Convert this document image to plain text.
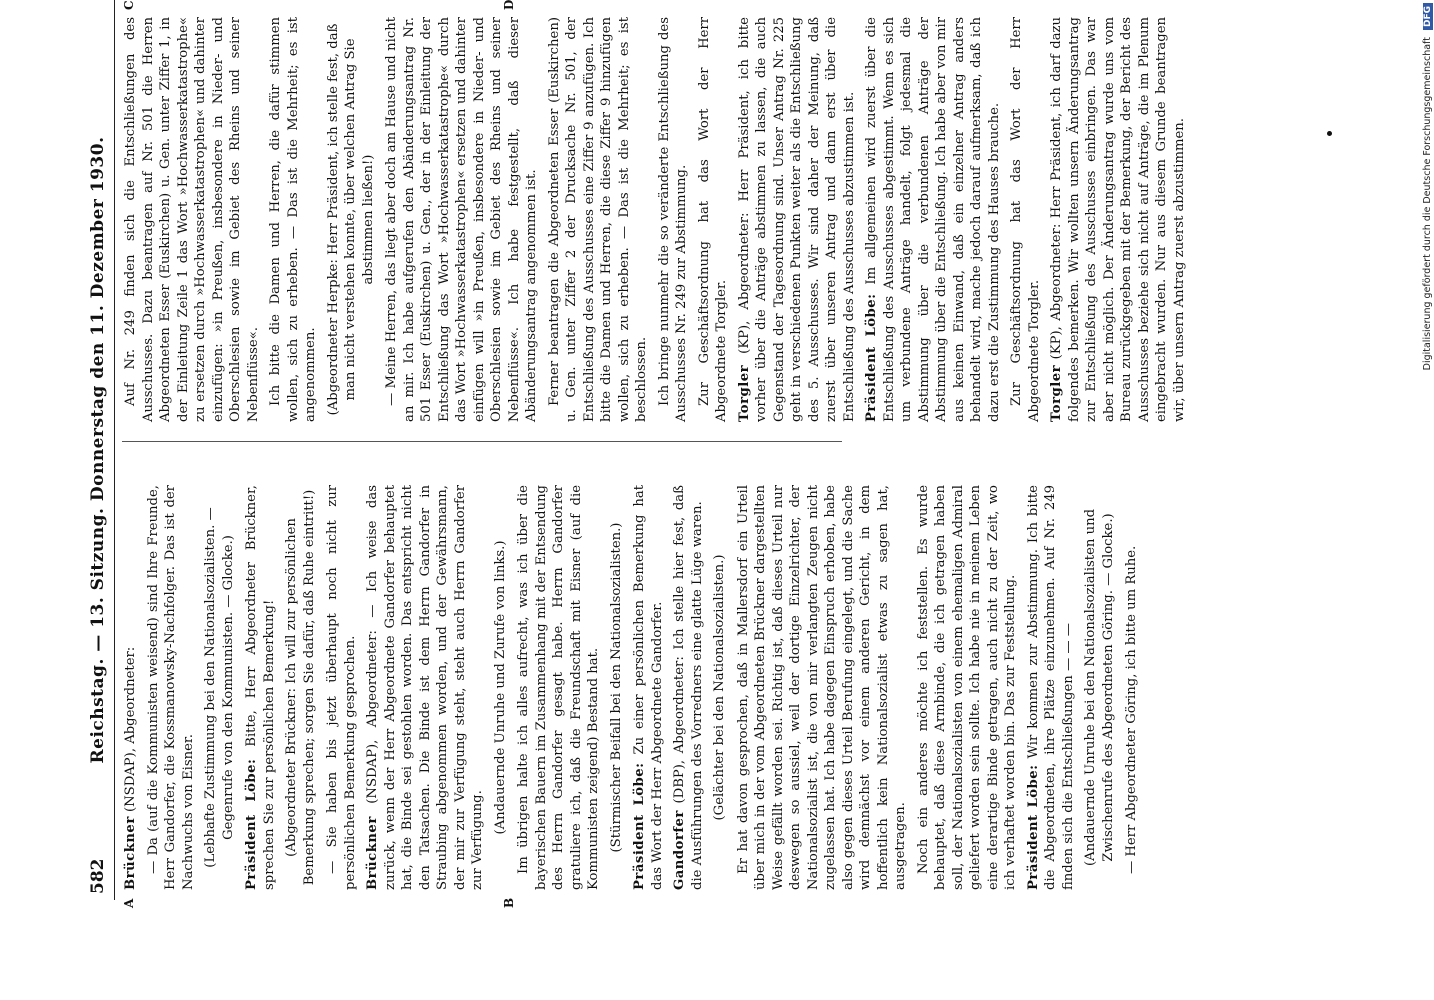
582
Reichstag. — 13. Sitzung. Donnerstag den 11. Dezember 1930.

Brückner (NSDAP), Abgeordneter: — Da (auf die Kommunisten weisend) sind Ihre Freunde, Herr Gandorfer, die Kossmanowsky-Nachfolger. Das ist der Nachwuchs von Eisner. (Lebhafte Zustimmung bei den Nationalsozialisten. — Gegenrufe von den Kommunisten. — Glocke.) Präsident Löbe: Bitte, Herr Abgeordneter Brückner, sprechen Sie zur persönlichen Bemerkung! (Abgeordneter Brückner: Ich will zur persönlichen Bemerkung sprechen; sorgen Sie dafür, daß Ruhe eintritt!) — Sie haben bis jetzt überhaupt noch nicht zur persönlichen Bemerkung gesprochen. Brückner (NSDAP), Abgeordneter: — Ich weise das zurück, wenn der Herr Abgeordnete Gandorfer behauptet hat, die Binde sei gestohlen worden. Das entspricht nicht den Tatsachen. Die Binde ist dem Herrn Gandorfer in Straubing abgenommen worden, und der Gewährsmann, der mir zur Verfügung steht, steht auch Herrn Gandorfer zur Verfügung.

(Andauernde Unruhe und Zurufe von links.) Im übrigen halte ich alles aufrecht, was ich über die bayerischen Bauern im Zusammenhang mit der Entsendung des Herrn Gandorfer gesagt habe. Herrn Gandorfer gratuliere ich, daß die Freundschaft mit Eisner (auf die Kommunisten zeigend) Bestand hat. (Stürmischer Beifall bei den Nationalsozialisten.) Präsident Löbe: Zu einer persönlichen Bemerkung hat das Wort der Herr Abgeordnete Gandorfer. Gandorfer (DBP), Abgeordneter: Ich stelle hier fest, daß die Ausführungen des Vorredners eine glatte Lüge waren. (Gelächter bei den Nationalsozialisten.) Er hat davon gesprochen, daß in Mallersdorf ein Urteil über mich in der vom Abgeordneten Brückner dargestellten Weise gefällt worden sei. Richtig ist, daß dieses Urteil nur deswegen so aussiel, weil der dortige Einzelrichter, der Nationalsozialist ist, die von mir verlangten Zeugen nicht zugelassen hat. Ich habe dagegen Einspruch erhoben, habe also gegen dieses Urteil Berufung eingelegt, und die Sache wird demnächst vor einem anderen Gericht, in dem hoffentlich kein Nationalsozialist etwas zu sagen hat, ausgetragen. Noch ein anderes möchte ich feststellen. Es wurde behauptet, daß diese Armbinde, die ich getragen haben soll, der Nationalsozialisten von einem ehemaligen Admiral geliefert worden sein sollte. Ich habe nie in meinem Leben eine derartige Binde getragen, auch nicht zu der Zeit, wo ich verhaftet worden bin. Das zur Feststellung. Präsident Löbe: Wir kommen zur Abstimmung. Ich bitte die Abgeordneten, ihre Plätze einzunehmen. Auf Nr. 249 finden sich die Entschließungen — — — (Andauernde Unruhe bei den Nationalsozialisten und Zwischenrufe des Abgeordneten Göring. — Glocke.) — Herr Abgeordneter Göring, ich bitte um Ruhe.

Auf Nr. 249 finden sich die Entschließungen des Ausschusses. Dazu beantragen auf Nr. 501 die Herren Abgeordneten Esser (Euskirchen) u. Gen. unter Ziffer 1, in der Einleitung Zeile 1 das Wort »Hochwasserkatastrophe« zu ersetzen durch »Hochwasserkatastrophen« und dahinter einzufügen: »in Preußen, insbesondere in Nieder- und Oberschlesien sowie im Gebiet des Rheins und seiner Nebenflüsse«. Ich bitte die Damen und Herren, die dafür stimmen wollen, sich zu erheben. — Das ist die Mehrheit; es ist angenommen. (Abgeordneter Herpke: Herr Präsident, ich stelle fest, daß man nicht verstehen konnte, über welchen Antrag Sie abstimmen ließen!) — Meine Herren, das liegt aber doch am Hause und nicht an mir. Ich habe aufgerufen den Abänderungsantrag Nr. 501 Esser (Euskirchen) u. Gen., der in der Einleitung der Entschließung das Wort »Hochwasserkatastrophe« durch das Wort »Hochwasserkatastrophen« ersetzen und dahinter einfügen will »in Preußen, insbesondere in Nieder- und Oberschlesien sowie im Gebiet des Rheins und seiner Nebenflüsse«. Ich habe festgestellt, daß dieser Abänderungsantrag angenommen ist. Ferner beantragen die Abgeordneten Esser (Euskirchen) u. Gen. unter Ziffer 2 der Drucksache Nr. 501, der Entschließung des Ausschusses eine Ziffer 9 anzufügen. Ich bitte die Damen und Herren, die diese Ziffer 9 hinzufügen wollen, sich zu erheben. — Das ist die Mehrheit; es ist beschlossen. Ich bringe nunmehr die so veränderte Entschließung des Ausschusses Nr. 249 zur Abstimmung. Zur Geschäftsordnung hat das Wort der Herr Abgeordnete Torgler. Torgler (KP), Abgeordneter: Herr Präsident, ich bitte vorher über die Anträge abstimmen zu lassen, die auch Gegenstand der Tagesordnung sind. Unser Antrag Nr. 225 geht in verschiedenen Punkten weiter als die Entschließung des 5. Ausschusses. Wir sind daher der Meinung, daß zuerst über unseren Antrag und dann erst über die Entschließung des Ausschusses abzustimmen ist. Präsident Löbe: Im allgemeinen wird zuerst über die Entschließung des Ausschusses abgestimmt. Wenn es sich um verbundene Anträge handelt, folgt jedesmal die Abstimmung über die verbundenen Anträge der Abstimmung über die Entschließung. Ich habe aber von mir aus keinen Einwand, daß ein einzelner Antrag anders behandelt wird, mache jedoch darauf aufmerksam, daß ich dazu erst die Zustimmung des Hauses brauche. Zur Geschäftsordnung hat das Wort der Herr Abgeordnete Torgler. Torgler (KP), Abgeordneter: Herr Präsident, ich darf dazu folgendes bemerken. Wir wollten unsern Änderungsantrag zur Entschließung des Ausschusses einbringen. Das war aber nicht möglich. Der Änderungsantrag wurde uns vom Bureau zurückgegeben mit der Bemerkung, der Bericht des Ausschusses beziehe sich nicht auf Anträge, die im Plenum eingebracht wurden. Nur aus diesem Grunde beantragen wir, über unsern Antrag zuerst abzustimmen.

A	B
C	D
Digitalisierung gefördert durch die Deutsche Forschungsgemeinschaft DFG
